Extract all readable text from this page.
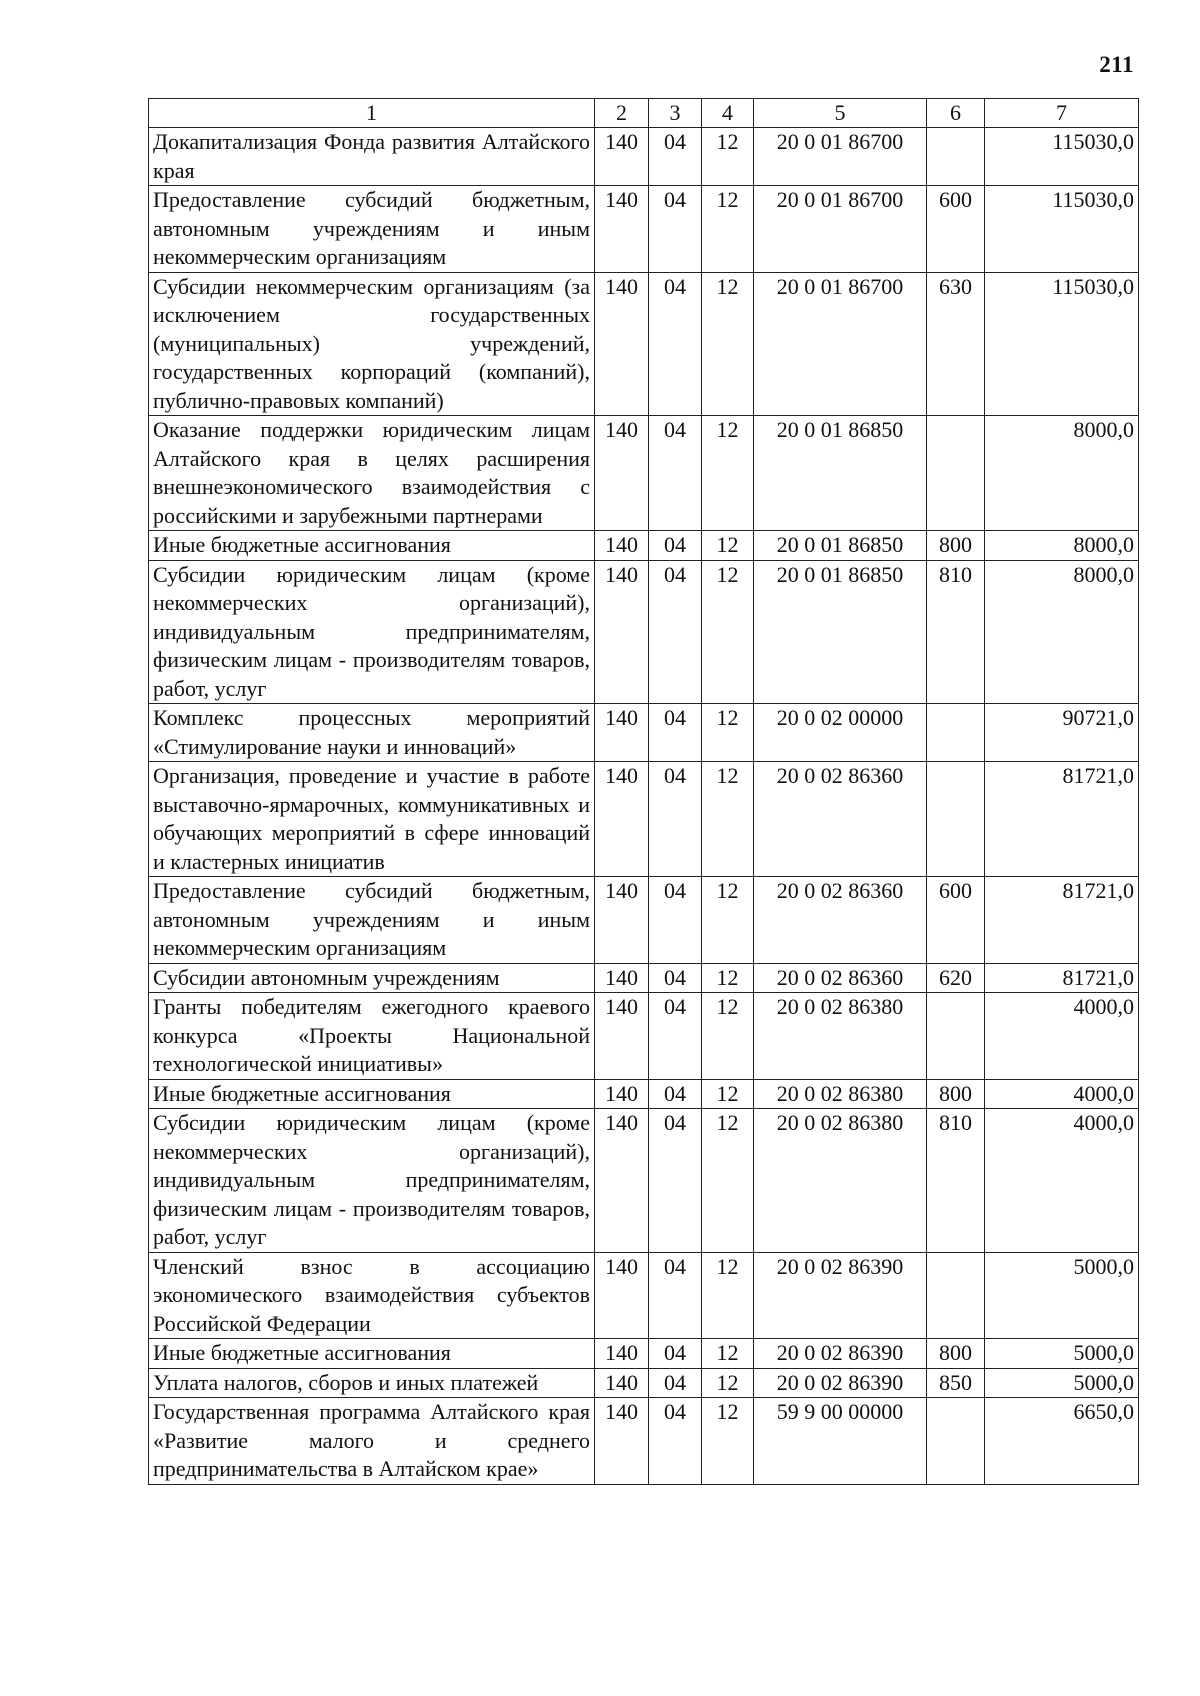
211
1	2	3	4	5	6	7
Докапитализация Фонда развития Алтайского края	140	04	12	20 0 01 86700		115030,0
Предоставление субсидий бюджетным, автономным учреждениям и иным некоммерческим организациям	140	04	12	20 0 01 86700	600	115030,0
Субсидии некоммерческим организациям (за исключением государственных (муниципальных) учреждений, государственных корпораций (компаний), публично-правовых компаний)	140	04	12	20 0 01 86700	630	115030,0
Оказание поддержки юридическим лицам Алтайского края в целях расширения внешнеэкономического взаимодействия с российскими и зарубежными партнерами	140	04	12	20 0 01 86850		8000,0
Иные бюджетные ассигнования	140	04	12	20 0 01 86850	800	8000,0
Субсидии юридическим лицам (кроме некоммерческих организаций), индивидуальным предпринимателям, физическим лицам - производителям товаров, работ, услуг	140	04	12	20 0 01 86850	810	8000,0
Комплекс процессных мероприятий «Стимулирование науки и инноваций»	140	04	12	20 0 02 00000		90721,0
Организация, проведение и участие в работе выставочно-ярмарочных, коммуникативных и обучающих мероприятий в сфере инноваций и кластерных инициатив	140	04	12	20 0 02 86360		81721,0
Предоставление субсидий бюджетным, автономным учреждениям и иным некоммерческим организациям	140	04	12	20 0 02 86360	600	81721,0
Субсидии автономным учреждениям	140	04	12	20 0 02 86360	620	81721,0
Гранты победителям ежегодного краевого конкурса «Проекты Национальной технологической инициативы»	140	04	12	20 0 02 86380		4000,0
Иные бюджетные ассигнования	140	04	12	20 0 02 86380	800	4000,0
Субсидии юридическим лицам (кроме некоммерческих организаций), индивидуальным предпринимателям, физическим лицам - производителям товаров, работ, услуг	140	04	12	20 0 02 86380	810	4000,0
Членский взнос в ассоциацию экономического взаимодействия субъектов Российской Федерации	140	04	12	20 0 02 86390		5000,0
Иные бюджетные ассигнования	140	04	12	20 0 02 86390	800	5000,0
Уплата налогов, сборов и иных платежей	140	04	12	20 0 02 86390	850	5000,0
Государственная программа Алтайского края «Развитие малого и среднего предпринимательства в Алтайском крае»	140	04	12	59 9 00 00000		6650,0
